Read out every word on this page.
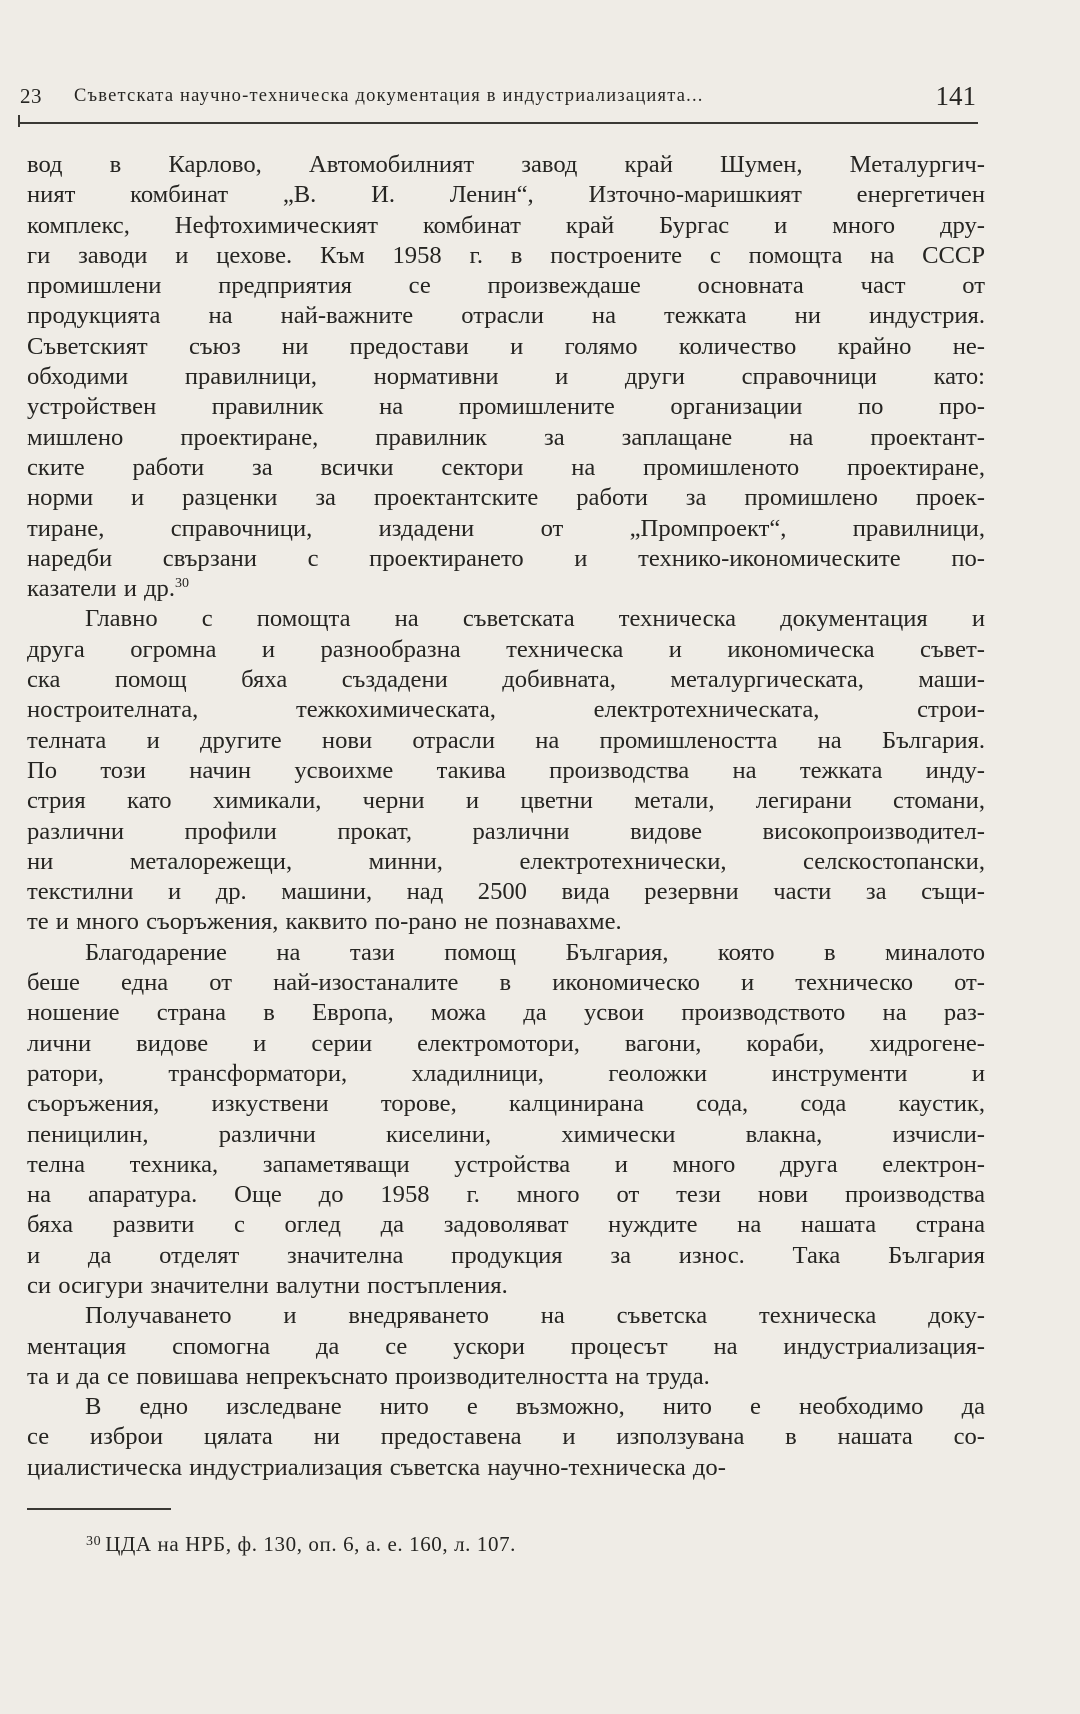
23 Съветската научно-техническа документация в индустриализацията...	141

вод в Карлово, Автомобилният завод край Шумен, Металургич-
ният комбинат „В. И. Ленин“, Източно-маришкият енергетичен
комплекс, Нефтохимическият комбинат край Бургас и много дру-
ги заводи и цехове. Към 1958 г. в построените с помощта на СССР
промишлени предприятия се произвеждаше основната част от
продукцията на най-важните отрасли на тежката ни индустрия.
Съветският съюз ни предостави и голямо количество крайно не-
обходими правилници, нормативни и други справочници като:
устройствен правилник на промишлените организации по про-
мишлено проектиране, правилник за заплащане на проектант-
ските работи за всички сектори на промишленото проектиране,
норми и разценки за проектантските работи за промишлено проек-
тиране, справочници, издадени от „Промпроект“, правилници,
наредби свързани с проектирането и технико-икономическите по-
казатели и др.$^{30}$

Главно с помощта на съветската техническа документация и
друга огромна и разнообразна техническа и икономическа съвет-
ска помощ бяха създадени добивната, металургическата, маши-
ностроителната, тежкохимическата, електротехническата, строи-
телната и другите нови отрасли на промишлеността на България.
По този начин усвоихме такива производства на тежката инду-
стрия като химикали, черни и цветни метали, легирани стомани,
различни профили прокат, различни видове високопроизводител-
ни металорежещи, минни, електротехнически, селскостопански,
текстилни и др. машини, над 2500 вида резервни части за същи-
те и много съоръжения, каквито по-рано не познавахме.

Благодарение на тази помощ България, която в миналото
беше една от най-изостаналите в икономическо и техническо от-
ношение страна в Европа, можа да усвои производството на раз-
лични видове и серии електромотори, вагони, кораби, хидрогене-
ратори, трансформатори, хладилници, геоложки инструменти и
съоръжения, изкуствени торове, калцинирана сода, сода каустик,
пеницилин, различни киселини, химически влакна, изчисли-
телна техника, запаметяващи устройства и много друга електрон-
на апаратура. Още до 1958 г. много от тези нови производства
бяха развити с оглед да задоволяват нуждите на нашата страна
и да отделят значителна продукция за износ. Така България
си осигури значителни валутни постъпления.

Получаването и внедряването на съветска техническа доку-
ментация спомогна да се ускори процесът на индустриализация-
та и да се повишава непрекъснато производителността на труда.

В едно изследване нито е възможно, нито е необходимо да
се изброи цялата ни предоставена и използувана в нашата со-
циалистическа индустриализация съветска научно-техническа до-

$^{30}$ ЦДА на НРБ, ф. 130, оп. 6, а. е. 160, л. 107.
